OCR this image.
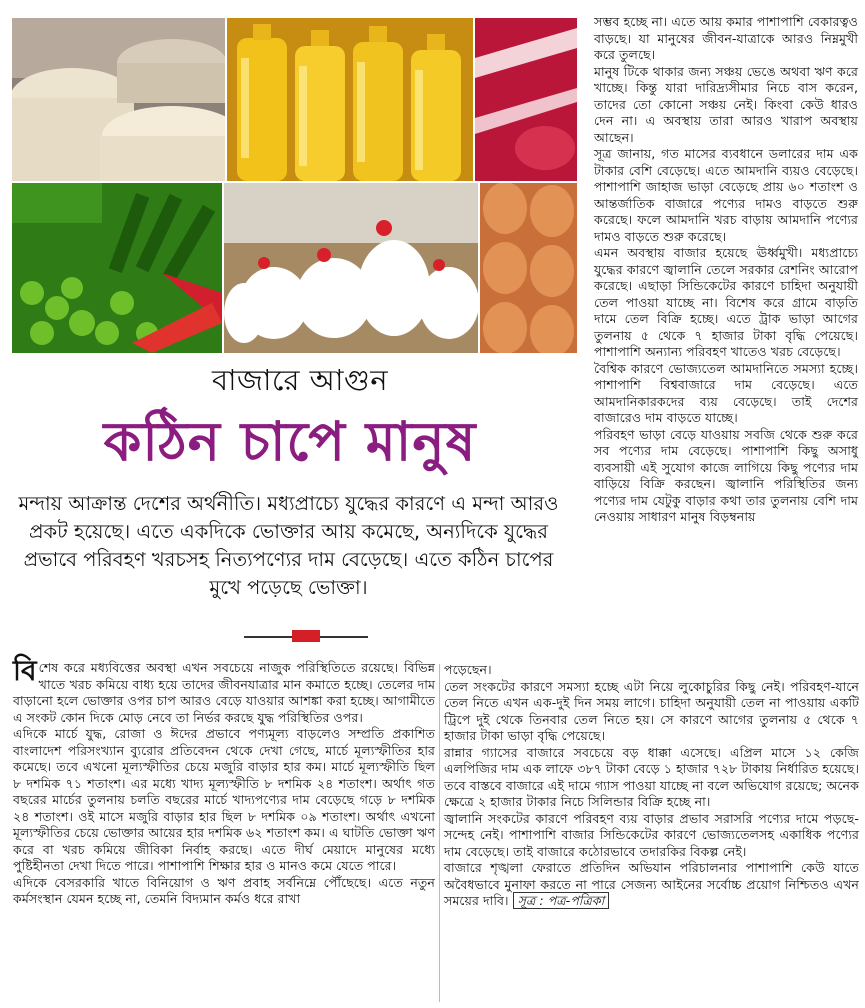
বাজারে আগুন
কঠিন চাপে মানুষ
মন্দায় আক্রান্ত দেশের অর্থনীতি। মধ্যপ্রাচ্যে যুদ্ধের কারণে এ মন্দা আরও প্রকট হয়েছে। এতে একদিকে ভোক্তার আয় কমেছে, অন্যদিকে যুদ্ধের প্রভাবে পরিবহণ খরচসহ নিত্যপণ্যের দাম বেড়েছে। এতে কঠিন চাপের মুখে পড়েছে ভোক্তা।

সম্ভব হচ্ছে না। এতে আয় কমার পাশাপাশি বেকারত্বও বাড়ছে। যা মানুষের জীবন-যাত্রাকে আরও নিম্নমুখী করে তুলছে।

মানুষ টিকে থাকার জন্য সঞ্চয় ভেঙে অথবা ঋণ করে খাচ্ছে। কিন্তু যারা দারিদ্র্যসীমার নিচে বাস করেন, তাদের তো কোনো সঞ্চয় নেই। কিংবা কেউ ধারও দেন না। এ অবস্থায় তারা আরও খারাপ অবস্থায় আছেন।

সূত্র জানায়, গত মাসের ব্যবধানে ডলারের দাম এক টাকার বেশি বেড়েছে। এতে আমদানি ব্যয়ও বেড়েছে। পাশাপাশি জাহাজ ভাড়া বেড়েছে প্রায় ৬০ শতাংশ ও আন্তর্জাতিক বাজারে পণ্যের দামও বাড়তে শুরু করেছে। ফলে আমদানি খরচ বাড়ায় আমদানি পণ্যের দামও বাড়তে শুরু করেছে।

এমন অবস্থায় বাজার হয়েছে ঊর্ধ্বমুখী। মধ্যপ্রাচ্যে যুদ্ধের কারণে জ্বালানি তেলে সরকার রেশনিং আরোপ করেছে। এছাড়া সিন্ডিকেটের কারণে চাহিদা অনুযায়ী তেল পাওয়া যাচ্ছে না। বিশেষ করে গ্রামে বাড়তি দামে তেল বিক্রি হচ্ছে। এতে ট্রাক ভাড়া আগের তুলনায় ৫ থেকে ৭ হাজার টাকা বৃদ্ধি পেয়েছে। পাশাপাশি অন্যান্য পরিবহণ খাতেও খরচ বেড়েছে।

বৈশ্বিক কারণে ভোজ্যতেল আমদানিতে সমস্যা হচ্ছে। পাশাপাশি বিশ্ববাজারে দাম বেড়েছে। এতে আমদানিকারকদের ব্যয় বেড়েছে। তাই দেশের বাজারেও দাম বাড়তে যাচ্ছে।

পরিবহণ ভাড়া বেড়ে যাওয়ায় সবজি থেকে শুরু করে সব পণ্যের দাম বেড়েছে। পাশাপাশি কিছু অসাধু ব্যবসায়ী এই সুযোগ কাজে লাগিয়ে কিছু পণ্যের দাম বাড়িয়ে বিক্রি করছেন। জ্বালানি পরিস্থিতির জন্য পণ্যের দাম যেটুকু বাড়ার কথা তার তুলনায় বেশি দাম নেওয়ায় সাধারণ মানুষ বিড়ম্বনায়

বিশেষ করে মধ্যবিত্তের অবস্থা এখন সবচেয়ে নাজুক পরিস্থিতিতে রয়েছে। বিভিন্ন খাতে খরচ কমিয়ে বাধ্য হয়ে তাদের জীবনযাত্রার মান কমাতে হচ্ছে। তেলের দাম বাড়ানো হলে ভোক্তার ওপর চাপ আরও বেড়ে যাওয়ার আশঙ্কা করা হচ্ছে। আগামীতে এ সংকট কোন দিকে মোড় নেবে তা নির্ভর করছে যুদ্ধ পরিস্থিতির ওপর।

এদিকে মার্চে যুদ্ধ, রোজা ও ঈদের প্রভাবে পণ্যমূল্য বাড়লেও সম্প্রতি প্রকাশিত বাংলাদেশ পরিসংখ্যান ব্যুরোর প্রতিবেদন থেকে দেখা গেছে, মার্চে মূল্যস্ফীতির হার কমেছে। তবে এখনো মূল্যস্ফীতির চেয়ে মজুরি বাড়ার হার কম। মার্চে মূল্যস্ফীতি ছিল ৮ দশমিক ৭১ শতাংশ। এর মধ্যে খাদ্য মূল্যস্ফীতি ৮ দশমিক ২৪ শতাংশ। অর্থাৎ গত বছরের মার্চের তুলনায় চলতি বছরের মার্চে খাদ্যপণ্যের দাম বেড়েছে গড়ে ৮ দশমিক ২৪ শতাংশ। ওই মাসে মজুরি বাড়ার হার ছিল ৮ দশমিক ০৯ শতাংশ। অর্থাৎ এখনো মূল্যস্ফীতির চেয়ে ভোক্তার আয়ের হার দশমিক ৬২ শতাংশ কম। এ ঘাটতি ভোক্তা ঋণ করে বা খরচ কমিয়ে জীবিকা নির্বাহ করছে। এতে দীর্ঘ মেয়াদে মানুষের মধ্যে পুষ্টিহীনতা দেখা দিতে পারে। পাশাপাশি শিক্ষার হার ও মানও কমে যেতে পারে।

এদিকে বেসরকারি খাতে বিনিয়োগ ও ঋণ প্রবাহ সর্বনিম্নে পৌঁছেছে। এতে নতুন কর্মসংস্থান যেমন হচ্ছে না, তেমনি বিদ্যমান কর্মও ধরে রাখা

পড়েছেন।

তেল সংকটের কারণে সমস্যা হচ্ছে এটা নিয়ে লুকোচুরির কিছু নেই। পরিবহণ-যানে তেল নিতে এখন এক-দুই দিন সময় লাগে। চাহিদা অনুযায়ী তেল না পাওয়ায় একটি ট্রিপে দুই থেকে তিনবার তেল নিতে হয়। সে কারণে আগের তুলনায় ৫ থেকে ৭ হাজার টাকা ভাড়া বৃদ্ধি পেয়েছে।

রান্নার গ্যাসের বাজারে সবচেয়ে বড় ধাক্কা এসেছে। এপ্রিল মাসে ১২ কেজি এলপিজির দাম এক লাফে ৩৮৭ টাকা বেড়ে ১ হাজার ৭২৮ টাকায় নির্ধারিত হয়েছে। তবে বাস্তবে বাজারে এই দামে গ্যাস পাওয়া যাচ্ছে না বলে অভিযোগ রয়েছে; অনেক ক্ষেত্রে ২ হাজার টাকার নিচে সিলিন্ডার বিক্রি হচ্ছে না।

জ্বালানি সংকটের কারণে পরিবহণ ব্যয় বাড়ার প্রভাব সরাসরি পণ্যের দামে পড়ছে-সন্দেহ নেই। পাশাপাশি বাজার সিন্ডিকেটের কারণে ভোজ্যতেলসহ একাধিক পণ্যের দাম বেড়েছে। তাই বাজারে কঠোরভাবে তদারকির বিকল্প নেই।

বাজারে শৃঙ্খলা ফেরাতে প্রতিদিন অভিযান পরিচালনার পাশাপাশি কেউ যাতে অবৈধভাবে মুনাফা করতে না পারে সেজন্য আইনের সর্বোচ্চ প্রয়োগ নিশ্চিতও এখন সময়ের দাবি। সূত্র : পত্র-পত্রিকা
